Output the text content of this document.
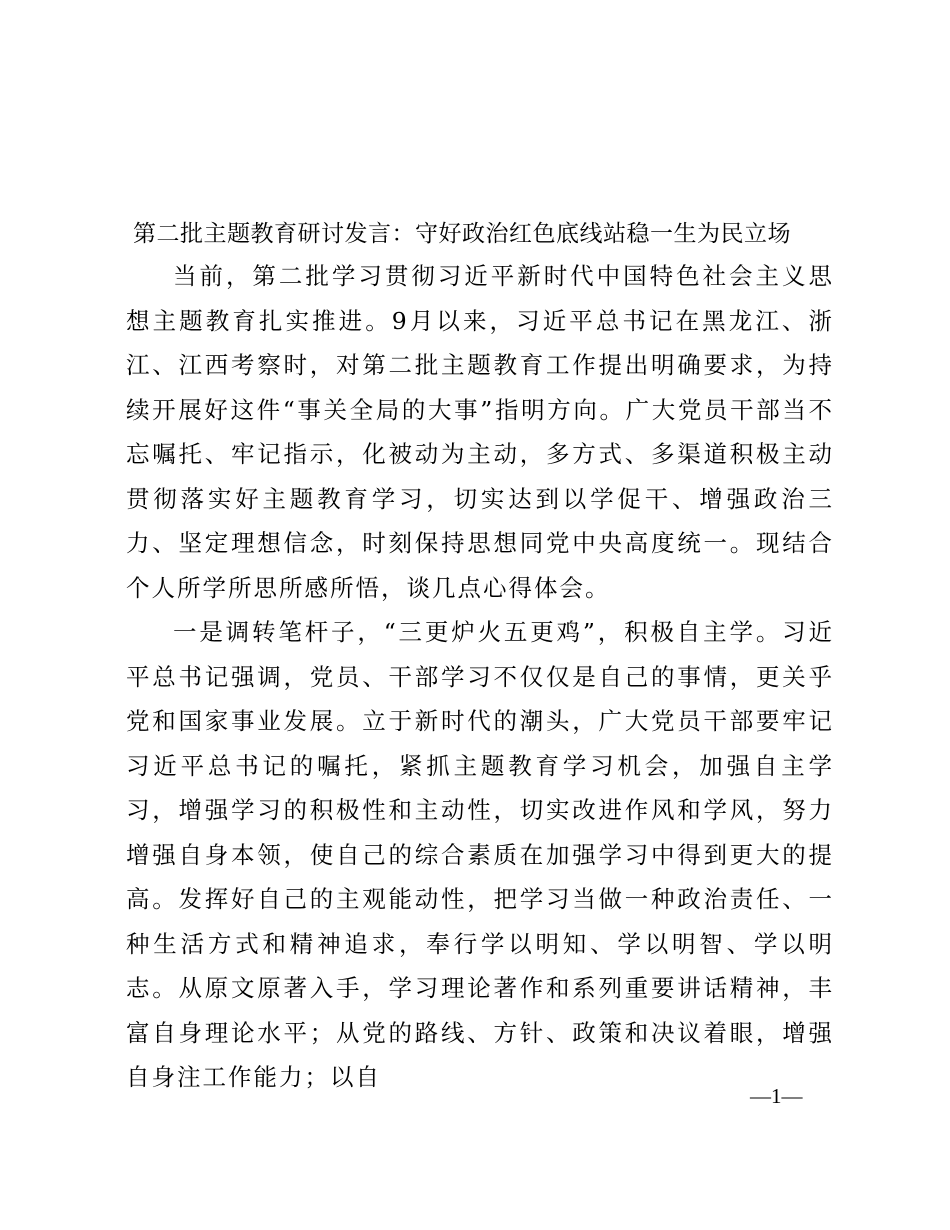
第二批主题教育研讨发言：守好政治红色底线站稳一生为民立场

当前，第二批学习贯彻习近平新时代中国特色社会主义思想主题教育扎实推进。9月以来，习近平总书记在黑龙江、浙江、江西考察时，对第二批主题教育工作提出明确要求，为持续开展好这件“事关全局的大事”指明方向。广大党员干部当不忘嘱托、牢记指示，化被动为主动，多方式、多渠道积极主动贯彻落实好主题教育学习，切实达到以学促干、增强政治三力、坚定理想信念，时刻保持思想同党中央高度统一。现结合个人所学所思所感所悟，谈几点心得体会。

一是调转笔杆子，“三更炉火五更鸡”，积极自主学。习近平总书记强调，党员、干部学习不仅仅是自己的事情，更关乎党和国家事业发展。立于新时代的潮头，广大党员干部要牢记习近平总书记的嘱托，紧抓主题教育学习机会，加强自主学习，增强学习的积极性和主动性，切实改进作风和学风，努力增强自身本领，使自己的综合素质在加强学习中得到更大的提高。发挥好自己的主观能动性，把学习当做一种政治责任、一种生活方式和精神追求，奉行学以明知、学以明智、学以明志。从原文原著入手，学习理论著作和系列重要讲话精神，丰富自身理论水平；从党的路线、方针、政策和决议着眼，增强自身注工作能力；以自

—1—
